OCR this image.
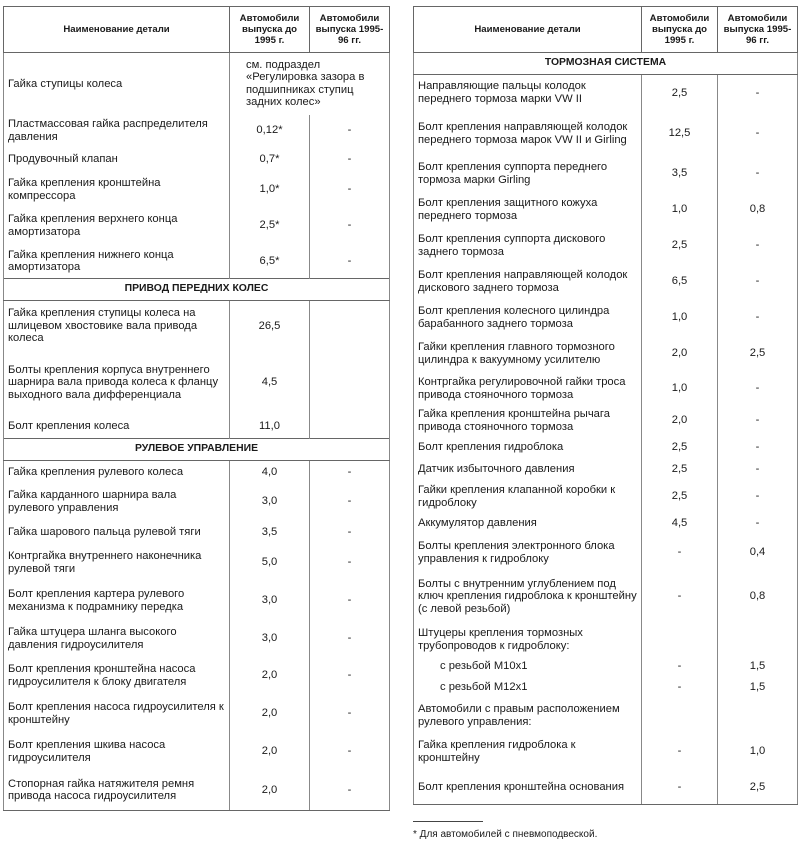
Наименование детали	Автомобили выпуска до 1995 г.	Автомобили выпуска 1995-96 гг.
Гайка ступицы колеса	см. подраздел «Регулировка зазора в подшипниках ступиц задних колес»	
Пластмассовая гайка распределителя давления	0,12*	-
Продувочный клапан	0,7*	-
Гайка крепления кронштейна компрессора	1,0*	-
Гайка крепления верхнего конца амортизатора	2,5*	-
Гайка крепления нижнего конца амортизатора	6,5*	-
ПРИВОД ПЕРЕДНИХ КОЛЕС		
Гайка крепления ступицы колеса на шлицевом хвостовике вала привода колеса	26,5	
Болты крепления корпуса внутреннего шарнира вала привода колеса к фланцу выходного вала дифференциала	4,5	
Болт крепления колеса	11,0	
РУЛЕВОЕ УПРАВЛЕНИЕ		
Гайка крепления рулевого колеса	4,0	-
Гайка карданного шарнира вала рулевого управления	3,0	-
Гайка шарового пальца рулевой тяги	3,5	-
Контргайка внутреннего наконечника рулевой тяги	5,0	-
Болт крепления картера рулевого механизма к подрамнику передка	3,0	-
Гайка штуцера шланга высокого давления гидроусилителя	3,0	-
Болт крепления кронштейна насоса гидроусилителя к блоку двигателя	2,0	-
Болт крепления насоса гидроусилителя к кронштейну	2,0	-
Болт крепления шкива насоса гидроусилителя	2,0	-
Стопорная гайка натяжителя ремня привода насоса гидроусилителя	2,0	-
Наименование детали	Автомобили выпуска до 1995 г.	Автомобили выпуска 1995-96 гг.
ТОРМОЗНАЯ СИСТЕМА		
Направляющие пальцы колодок переднего тормоза марки VW II	2,5	-
Болт крепления направляющей колодок переднего тормоза марок VW II и Girling	12,5	-
Болт крепления суппорта переднего тормоза марки Girling	3,5	-
Болт крепления защитного кожуха переднего тормоза	1,0	0,8
Болт крепления суппорта дискового заднего тормоза	2,5	-
Болт крепления направляющей колодок дискового заднего тормоза	6,5	-
Болт крепления колесного цилиндра барабанного заднего тормоза	1,0	-
Гайки крепления главного тормозного цилиндра к вакуумному усилителю	2,0	2,5
Контргайка регулировочной гайки троса привода стояночного тормоза	1,0	-
Гайка крепления кронштейна рычага привода стояночного тормоза	2,0	-
Болт крепления гидроблока	2,5	-
Датчик избыточного давления	2,5	-
Гайки крепления клапанной коробки к гидроблоку	2,5	-
Аккумулятор давления	4,5	-
Болты крепления электронного блока управления к гидроблоку	-	0,4
Болты с внутренним углублением под ключ крепления гидроблока к кронштейну (с левой резьбой)	-	0,8
Штуцеры крепления тормозных трубопроводов к гидроблоку:		
с резьбой М10х1	-	1,5
с резьбой М12х1	-	1,5
Автомобили с правым расположением рулевого управления:		
Гайка крепления гидроблока к кронштейну	-	1,0
Болт крепления кронштейна основания	-	2,5
* Для автомобилей с пневмоподвеской.
